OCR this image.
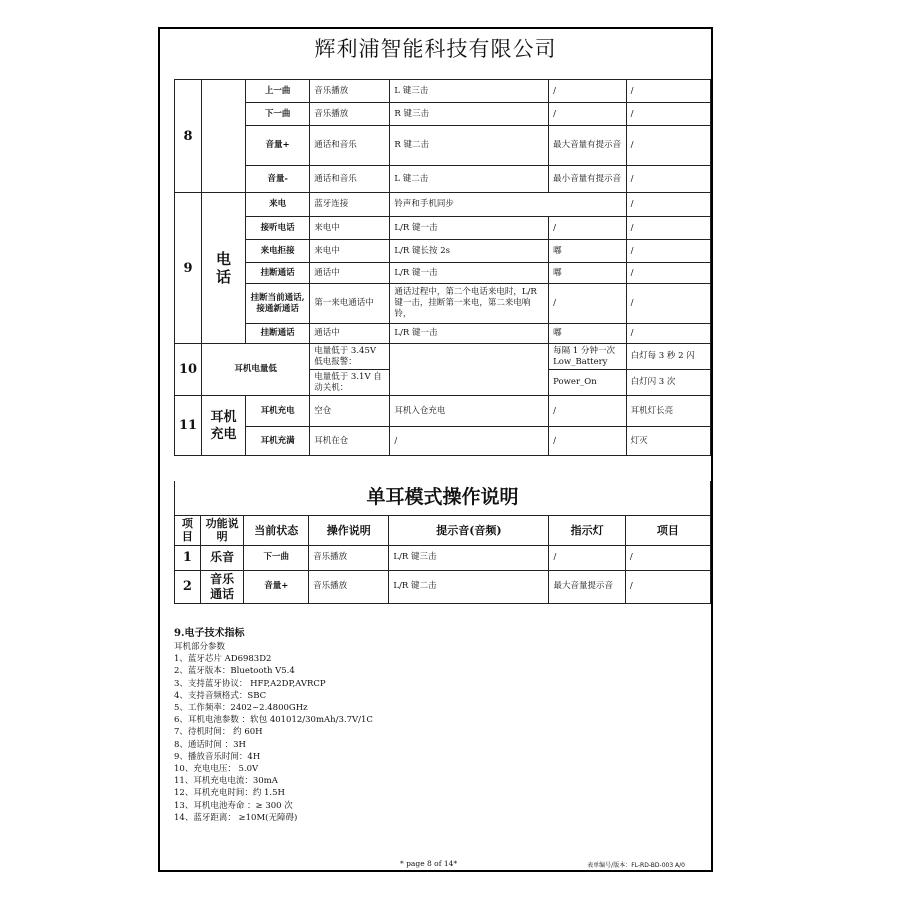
辉利浦智能科技有限公司
8		上一曲	音乐播放	L 键三击	/	/
		下一曲	音乐播放	R 键三击	/	/
		音量+	通话和音乐	R 键二击	最大音量有提示音	/
		音量-	通话和音乐	L 键二击	最小音量有提示音	/
9	电话	来电	蓝牙连接	铃声和手机同步		/
		接听电话	来电中	L/R 键一击	/	/
		来电拒接	来电中	L/R 键长按 2s	嘟	/
		挂断通话	通话中	L/R 键一击	嘟	/
		挂断当前通话,接通新通话	第一来电通话中	通话过程中，第二个电话来电时，L/R 键一击，挂断第一来电，第二来电响铃，	/	/
		挂断通话	通话中	L/R 键一击	嘟	/
10	耳机电量低		电量低于 3.45V 低电报警：		每隔 1 分钟一次 Low_Battery	白灯每 3 秒 2 闪
			电量低于 3.1V 自动关机：		Power_On	白灯闪 3 次
11	耳机充电	耳机充电	空仓	耳机入仓充电	/	耳机灯长亮
		耳机充满	耳机在仓	/	/	灯灭
单耳模式操作说明						
项目	功能说明	当前状态	操作说明	提示音(音频)	指示灯	项目
1	乐音	下一曲	音乐播放	L/R 键三击	/	/
2	音乐通话	音量+	音乐播放	L/R 键二击	最大音量提示音	/
9.电子技术指标
耳机部分参数
1、蓝牙芯片 AD6983D2
2、蓝牙版本：Bluetooth V5.4
3、支持蓝牙协议： HFP,A2DP,AVRCP
4、支持音频格式：SBC
5、工作频率：2402~2.4800GHz
6、耳机电池参数 ：软包 401012/30mAh/3.7V/1C
7、待机时间： 约 60H
8、通话时间 ：3H
9、播放音乐时间：4H
10、充电电压： 5.0V
11、耳机充电电流：30mA
12、耳机充电时间：约 1.5H
13、耳机电池寿命 ：≥ 300 次
14、蓝牙距离： ≥10M(无障碍)
* page 8 of 14*	表单编号/版本：FL-RD-BD-003 A/0
